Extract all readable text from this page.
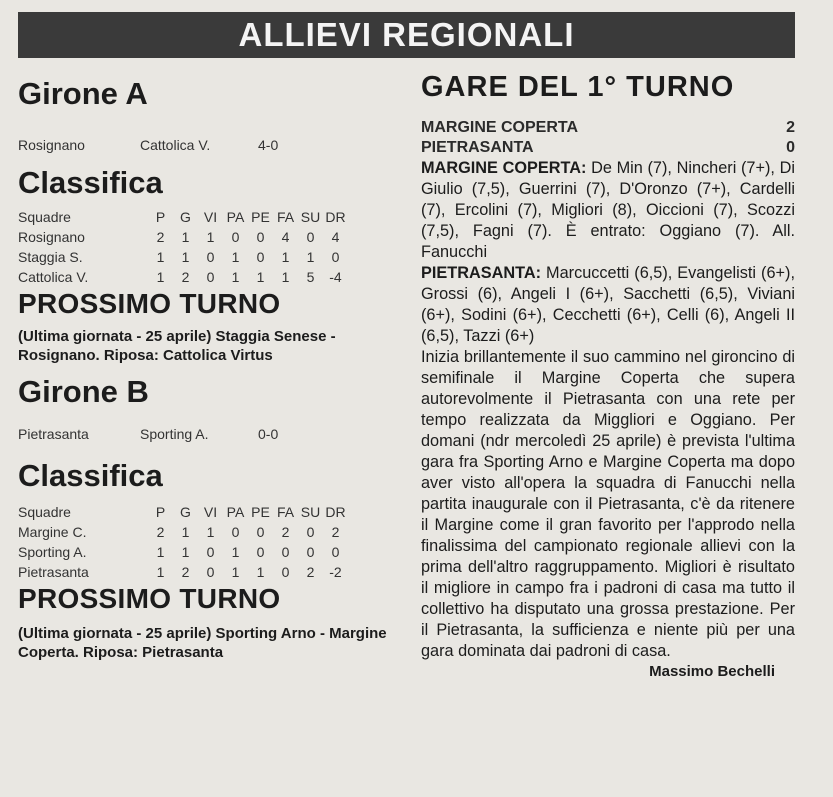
ALLIEVI REGIONALI
Girone A
Rosignano	Cattolica V.	4-0
Classifica
Squadre	P	G	VI	PA	PE	FA	SU	DR
Rosignano	2	1	1	0	0	4	0	4
Staggia S.	1	1	0	1	0	1	1	0
Cattolica V.	1	2	0	1	1	1	5	-4
PROSSIMO TURNO
(Ultima giornata - 25 aprile) Staggia Senese - Rosignano. Riposa: Cattolica Virtus
Girone B
Pietrasanta	Sporting A.	0-0
Classifica
Squadre	P	G	VI	PA	PE	FA	SU	DR
Margine C.	2	1	1	0	0	2	0	2
Sporting A.	1	1	0	1	0	0	0	0
Pietrasanta	1	2	0	1	1	0	2	-2
PROSSIMO TURNO
(Ultima giornata - 25 aprile) Sporting Arno - Margine Coperta. Riposa: Pietrasanta
GARE DEL 1° TURNO
MARGINE COPERTA	2
PIETRASANTA	0

MARGINE COPERTA: De Min (7), Nincheri (7+), Di Giulio (7,5), Guerrini (7), D'Oronzo (7+), Cardelli (7), Ercolini (7), Migliori (8), Oiccioni (7), Scozzi (7,5), Fagni (7). È entrato: Oggiano (7). All. Fanucchi

PIETRASANTA: Marcuccetti (6,5), Evangelisti (6+), Grossi (6), Angeli I (6+), Sacchetti (6,5), Viviani (6+), Sodini (6+), Cecchetti (6+), Celli (6), Angeli II (6,5), Tazzi (6+)

Inizia brillantemente il suo cammino nel gironcino di semifinale il Margine Coperta che supera autorevolmente il Pietrasanta con una rete per tempo realizzata da Miggliori e Oggiano. Per domani (ndr mercoledì 25 aprile) è prevista l'ultima gara fra Sporting Arno e Margine Coperta ma dopo aver visto all'opera la squadra di Fanucchi nella partita inaugurale con il Pietrasanta, c'è da ritenere il Margine come il gran favorito per l'approdo nella finalissima del campionato regionale allievi con la prima dell'altro raggruppamento. Migliori è risultato il migliore in campo fra i padroni di casa ma tutto il collettivo ha disputato una grossa prestazione. Per il Pietrasanta, la sufficienza e niente più per una gara dominata dai padroni di casa.

Massimo Bechelli
